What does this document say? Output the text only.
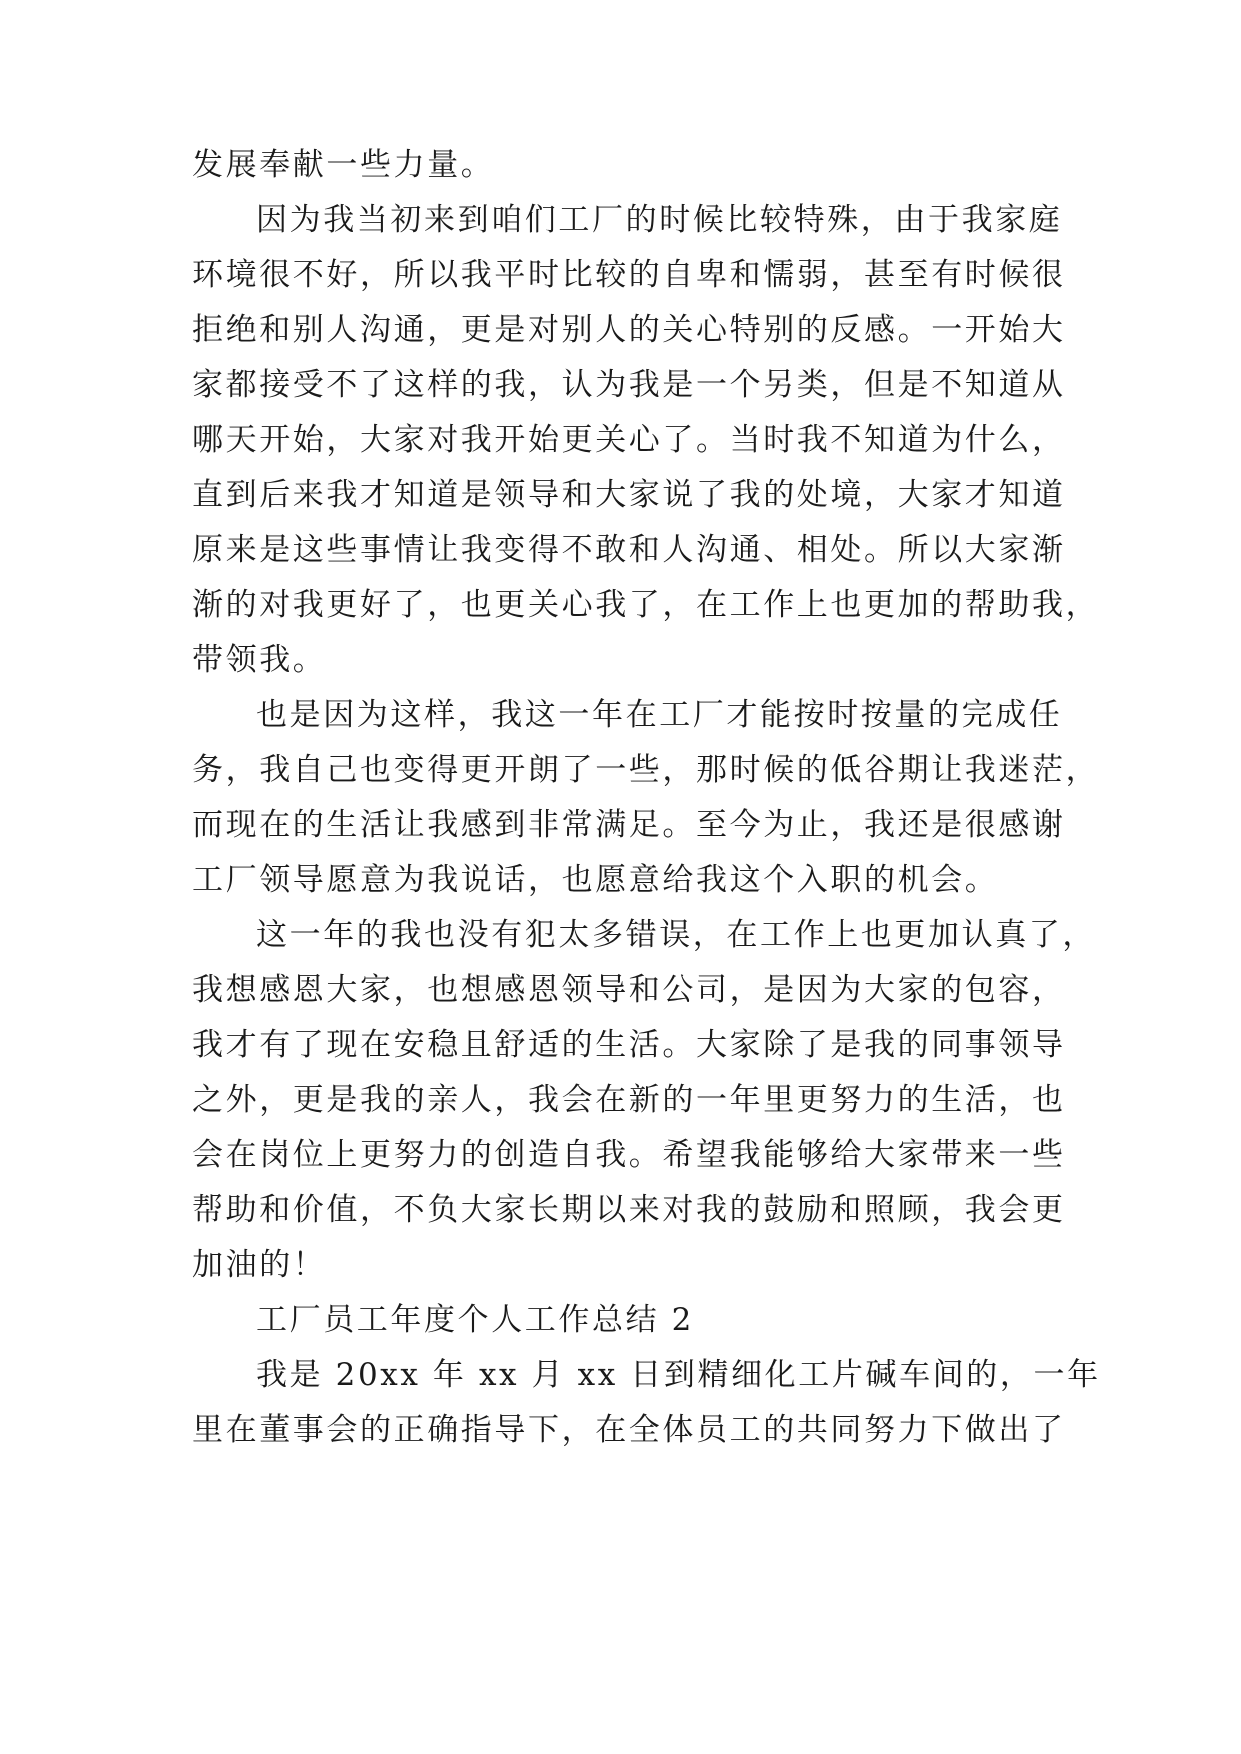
发展奉献一些力量。
因为我当初来到咱们工厂的时候比较特殊，由于我家庭
环境很不好，所以我平时比较的自卑和懦弱，甚至有时候很
拒绝和别人沟通，更是对别人的关心特别的反感。一开始大
家都接受不了这样的我，认为我是一个另类，但是不知道从
哪天开始，大家对我开始更关心了。当时我不知道为什么，
直到后来我才知道是领导和大家说了我的处境，大家才知道
原来是这些事情让我变得不敢和人沟通、相处。所以大家渐
渐的对我更好了，也更关心我了，在工作上也更加的帮助我，
带领我。
也是因为这样，我这一年在工厂才能按时按量的完成任
务，我自己也变得更开朗了一些，那时候的低谷期让我迷茫，
而现在的生活让我感到非常满足。至今为止，我还是很感谢
工厂领导愿意为我说话，也愿意给我这个入职的机会。
这一年的我也没有犯太多错误，在工作上也更加认真了，
我想感恩大家，也想感恩领导和公司，是因为大家的包容，
我才有了现在安稳且舒适的生活。大家除了是我的同事领导
之外，更是我的亲人，我会在新的一年里更努力的生活，也
会在岗位上更努力的创造自我。希望我能够给大家带来一些
帮助和价值，不负大家长期以来对我的鼓励和照顾，我会更
加油的！
工厂员工年度个人工作总结 2
我是 20xx 年 xx 月 xx 日到精细化工片碱车间的，一年
里在董事会的正确指导下，在全体员工的共同努力下做出了
